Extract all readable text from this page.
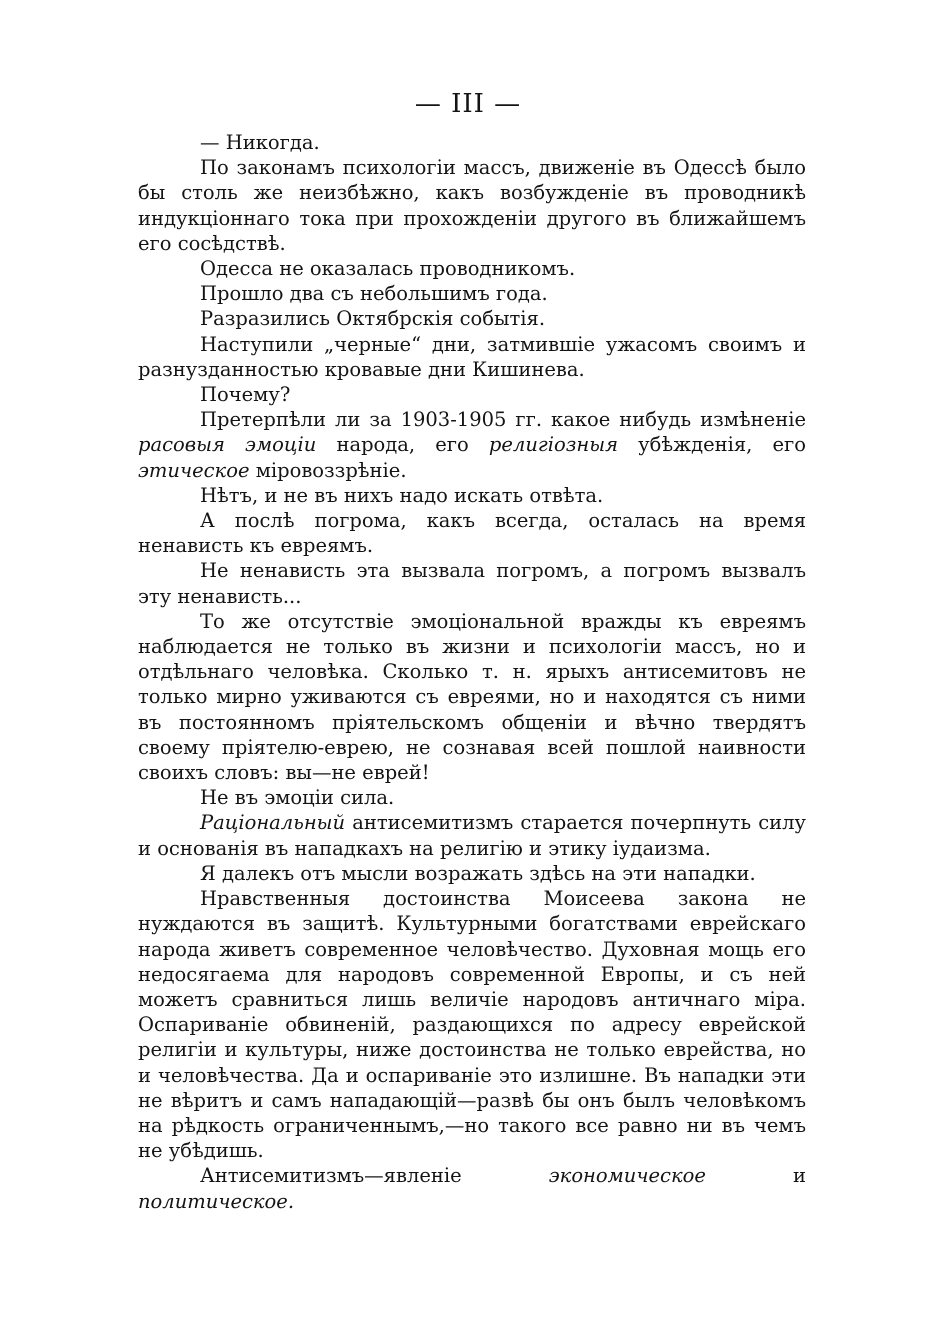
— III —

— Никогда.

По законамъ психологіи массъ, движеніе въ Одессѣ было бы столь же неизбѣжно, какъ возбужденіе въ проводникѣ индукціоннаго тока при прохожденіи другого въ ближайшемъ его сосѣдствѣ.

Одесса не оказалась проводникомъ.

Прошло два съ небольшимъ года.

Разразились Октябрскія событія.

Наступили „черные“ дни, затмившіе ужасомъ своимъ и разнузданностью кровавые дни Кишинева.

Почему?

Претерпѣли ли за 1903-1905 гг. какое нибудь измѣненіе расовыя эмоціи народа, его религіозныя убѣжденія, его этическое міровоззрѣніе.

Нѣтъ, и не въ нихъ надо искать отвѣта.

А послѣ погрома, какъ всегда, осталась на время ненависть къ евреямъ.

Не ненависть эта вызвала погромъ, а погромъ вызвалъ эту ненависть...

То же отсутствіе эмоціональной вражды къ евреямъ наблюдается не только въ жизни и психологіи массъ, но и отдѣльнаго человѣка. Сколько т. н. ярыхъ антисемитовъ не только мирно уживаются съ евреями, но и находятся съ ними въ постоянномъ пріятельскомъ общеніи и вѣчно твердятъ своему пріятелю-еврею, не сознавая всей пошлой наивности своихъ словъ: вы—не еврей!

Не въ эмоціи сила.

Раціональный антисемитизмъ старается почерпнуть силу и основанія въ нападкахъ на религію и этику іудаизма.

Я далекъ отъ мысли возражать здѣсь на эти нападки.

Нравственныя достоинства Моисеева закона не нуждаются въ защитѣ. Культурными богатствами еврейскаго народа живетъ современное человѣчество. Духовная мощь его недосягаема для народовъ современной Европы, и съ ней можетъ сравниться лишь величіе народовъ античнаго міра. Оспариваніе обвиненій, раздающихся по адресу еврейской религіи и культуры, ниже достоинства не только еврейства, но и человѣчества. Да и оспариваніе это излишне. Въ нападки эти не вѣритъ и самъ нападающій—развѣ бы онъ былъ человѣкомъ на рѣдкость ограниченнымъ,—но такого все равно ни въ чемъ не убѣдишь.

Антисемитизмъ—явленіе экономическое и политическое.
